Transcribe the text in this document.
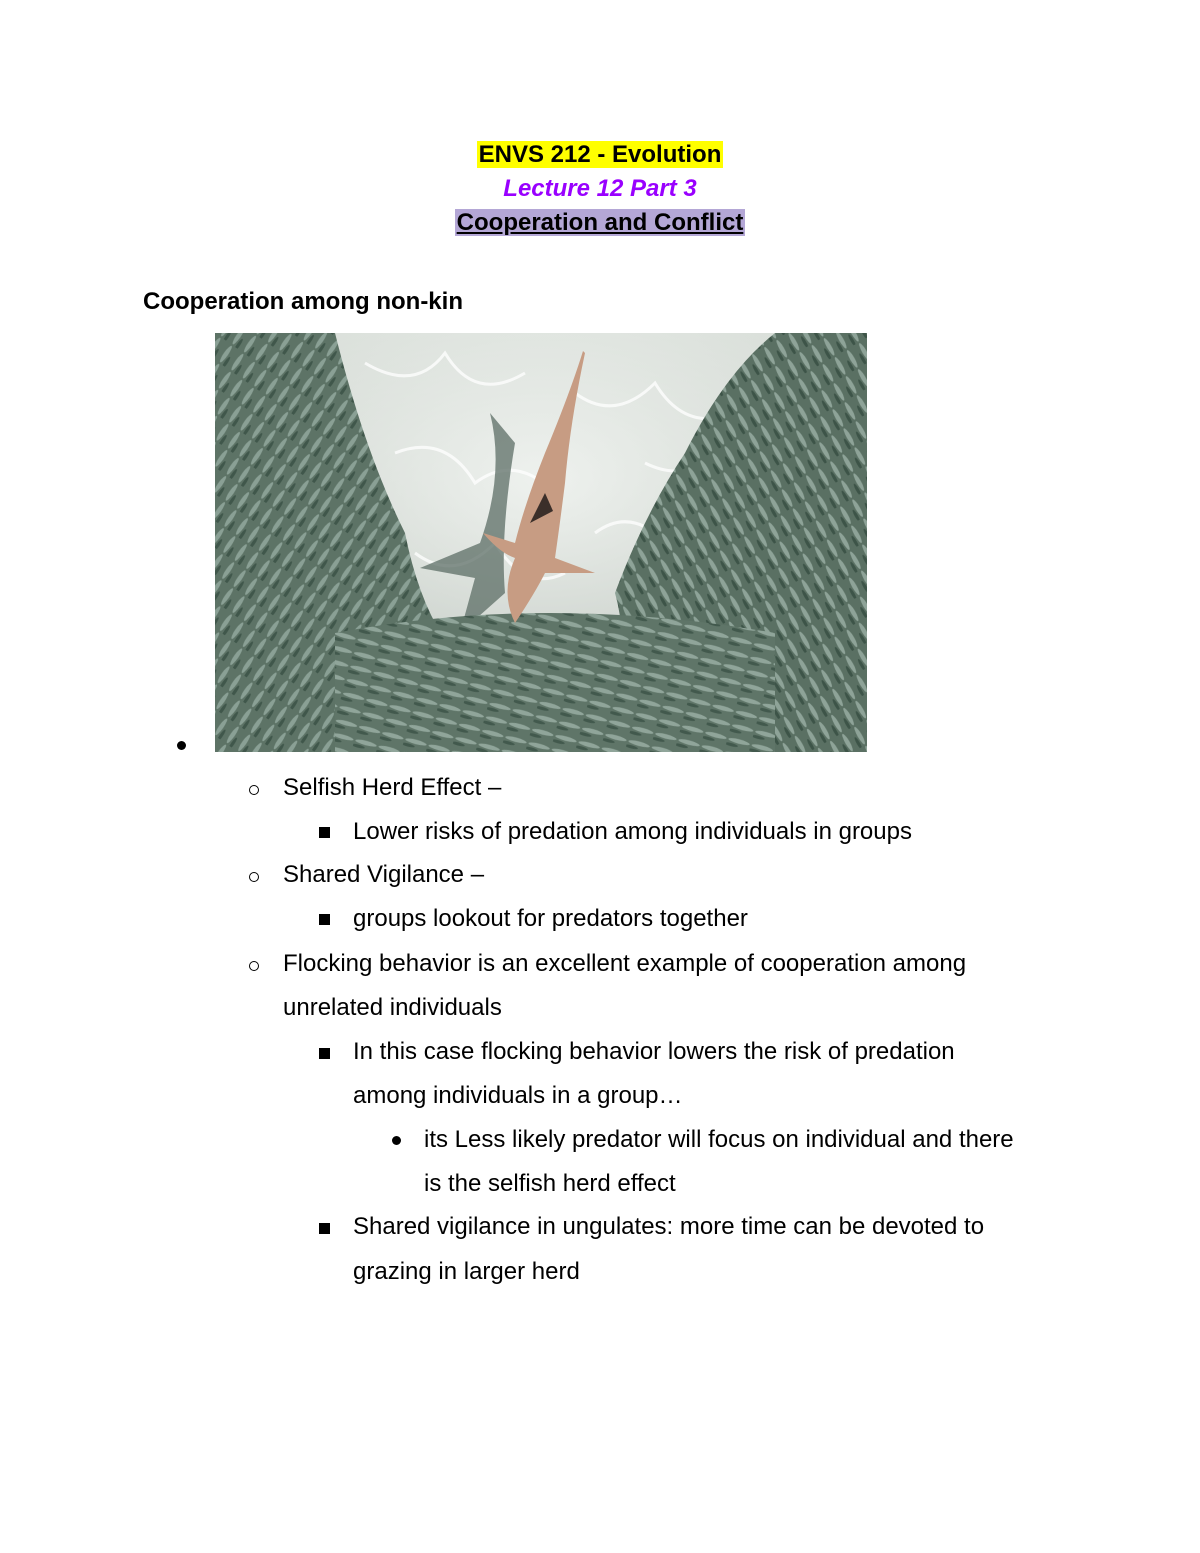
ENVS 212 - Evolution
Lecture 12 Part 3
Cooperation and Conflict
Cooperation among non-kin
Selfish Herd Effect –
Lower risks of predation among individuals in groups
Shared Vigilance –
groups lookout for predators together
Flocking behavior is an excellent example of cooperation among
unrelated individuals
In this case flocking behavior lowers the risk of predation
among individuals in a group…
its Less likely predator will focus on individual and there
is the selfish herd effect
Shared vigilance in ungulates: more time can be devoted to
grazing in larger herd
